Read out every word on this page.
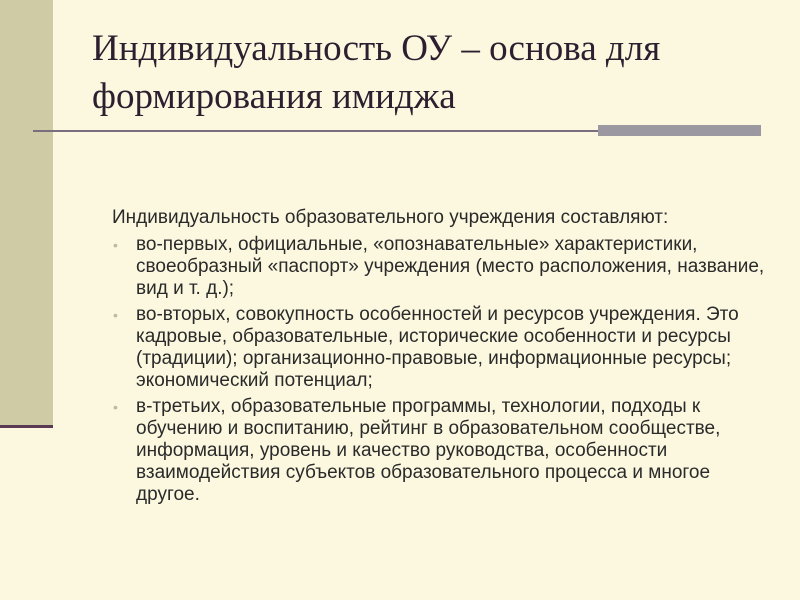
Индивидуальность ОУ – основа для формирования имиджа

Индивидуальность образовательного учреждения составляют:

• во-первых, официальные, «опознавательные» характеристики, своеобразный «паспорт» учреждения (место расположения, название, вид и т. д.);
• во-вторых, совокупность особенностей и ресурсов учреждения. Это кадровые, образовательные, исторические особенности и ресурсы (традиции); организационно-правовые, информационные ресурсы; экономический потенциал;
• в-третьих, образовательные программы, технологии, подходы к обучению и воспитанию, рейтинг в образовательном сообществе, информация, уровень и качество руководства, особенности взаимодействия субъектов образовательного процесса и многое другое.
